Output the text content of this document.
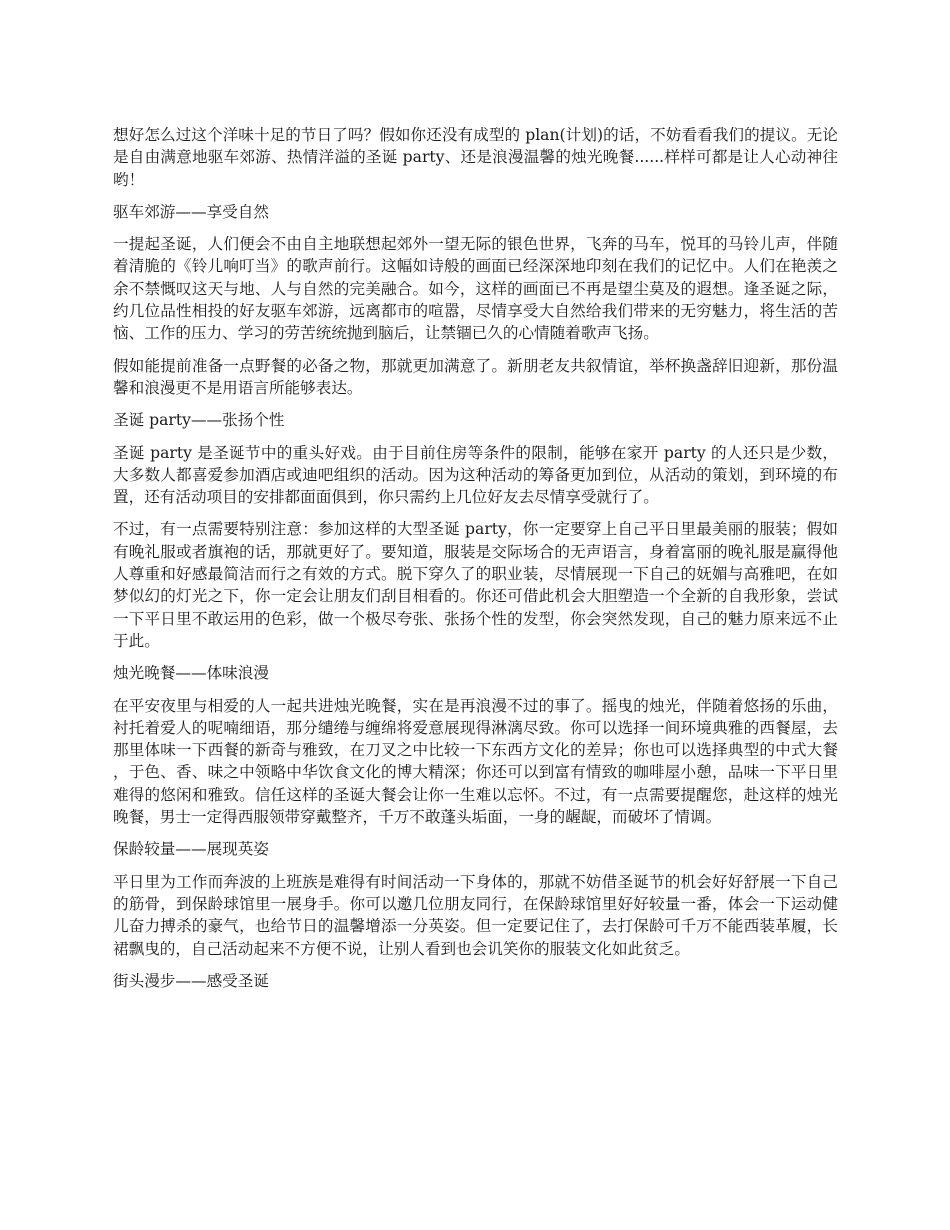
想好怎么过这个洋味十足的节日了吗？假如你还没有成型的 plan(计划)的话，不妨看看我们的提议。无论是自由满意地驱车郊游、热情洋溢的圣诞 party、还是浪漫温馨的烛光晚餐......样样可都是让人心动神往哟！

驱车郊游——享受自然

一提起圣诞，人们便会不由自主地联想起郊外一望无际的银色世界，飞奔的马车，悦耳的马铃儿声，伴随着清脆的《铃儿响叮当》的歌声前行。这幅如诗般的画面已经深深地印刻在我们的记忆中。人们在艳羡之余不禁慨叹这天与地、人与自然的完美融合。如今，这样的画面已不再是望尘莫及的遐想。逢圣诞之际，约几位品性相投的好友驱车郊游，远离都市的喧嚣，尽情享受大自然给我们带来的无穷魅力，将生活的苦恼、工作的压力、学习的劳苦统统抛到脑后，让禁锢已久的心情随着歌声飞扬。

假如能提前准备一点野餐的必备之物，那就更加满意了。新朋老友共叙情谊，举杯换盏辞旧迎新，那份温馨和浪漫更不是用语言所能够表达。

圣诞 party——张扬个性

圣诞 party 是圣诞节中的重头好戏。由于目前住房等条件的限制，能够在家开 party 的人还只是少数，大多数人都喜爱参加酒店或迪吧组织的活动。因为这种活动的筹备更加到位，从活动的策划，到环境的布置，还有活动项目的安排都面面俱到，你只需约上几位好友去尽情享受就行了。

不过，有一点需要特别注意：参加这样的大型圣诞 party，你一定要穿上自己平日里最美丽的服装；假如有晚礼服或者旗袍的话，那就更好了。要知道，服装是交际场合的无声语言，身着富丽的晚礼服是赢得他人尊重和好感最简洁而行之有效的方式。脱下穿久了的职业装，尽情展现一下自己的妩媚与高雅吧，在如梦似幻的灯光之下，你一定会让朋友们刮目相看的。你还可借此机会大胆塑造一个全新的自我形象，尝试一下平日里不敢运用的色彩，做一个极尽夸张、张扬个性的发型，你会突然发现，自己的魅力原来远不止于此。

烛光晚餐——体味浪漫

在平安夜里与相爱的人一起共进烛光晚餐，实在是再浪漫不过的事了。摇曳的烛光，伴随着悠扬的乐曲，衬托着爱人的呢喃细语，那分缱绻与缠绵将爱意展现得淋漓尽致。你可以选择一间环境典雅的西餐屋，去那里体味一下西餐的新奇与雅致，在刀叉之中比较一下东西方文化的差异；你也可以选择典型的中式大餐，于色、香、味之中领略中华饮食文化的博大精深；你还可以到富有情致的咖啡屋小憩，品味一下平日里难得的悠闲和雅致。信任这样的圣诞大餐会让你一生难以忘怀。不过，有一点需要提醒您，赴这样的烛光晚餐，男士一定得西服领带穿戴整齐，千万不敢蓬头垢面，一身的龌龊，而破坏了情调。

保龄较量——展现英姿

平日里为工作而奔波的上班族是难得有时间活动一下身体的，那就不妨借圣诞节的机会好好舒展一下自己的筋骨，到保龄球馆里一展身手。你可以邀几位朋友同行，在保龄球馆里好好较量一番，体会一下运动健儿奋力搏杀的豪气，也给节日的温馨增添一分英姿。但一定要记住了，去打保龄可千万不能西装革履，长裙飘曳的，自己活动起来不方便不说，让别人看到也会讥笑你的服装文化如此贫乏。

街头漫步——感受圣诞
